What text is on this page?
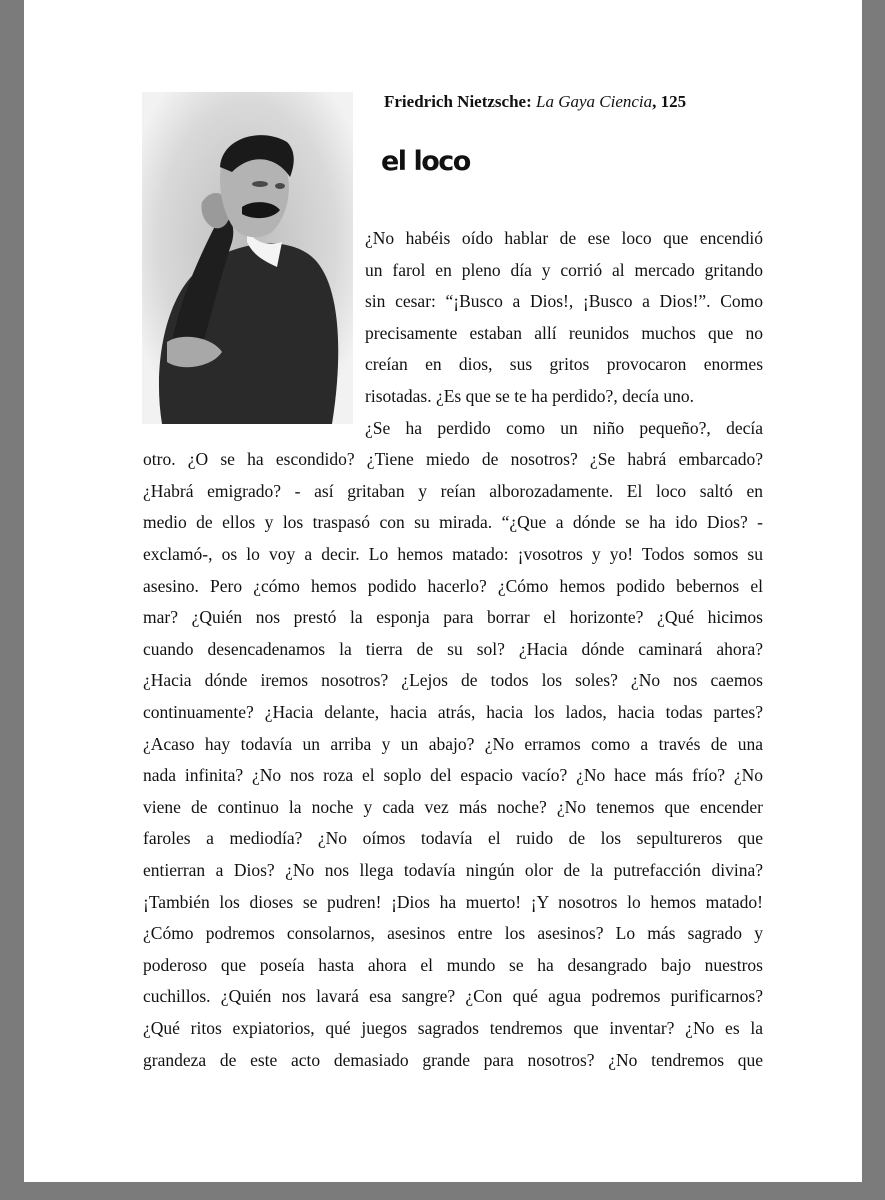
Friedrich Nietzsche: La Gaya Ciencia, 125
el loco
¿No habéis oído hablar de ese loco que encendió
un farol en pleno día y corrió al mercado gritando
sin cesar: “¡Busco a Dios!, ¡Busco a Dios!”. Como
precisamente estaban allí reunidos muchos que no
creían en dios, sus gritos provocaron enormes
risotadas. ¿Es que se te ha perdido?, decía uno.
¿Se ha perdido como un niño pequeño?, decía
otro. ¿O se ha escondido? ¿Tiene miedo de nosotros? ¿Se habrá embarcado?
¿Habrá emigrado? - así gritaban y reían alborozadamente. El loco saltó en
medio de ellos y los traspasó con su mirada. “¿Que a dónde se ha ido Dios? -
exclamó-, os lo voy a decir. Lo hemos matado: ¡vosotros y yo! Todos somos su
asesino. Pero ¿cómo hemos podido hacerlo? ¿Cómo hemos podido bebernos el
mar? ¿Quién nos prestó la esponja para borrar el horizonte? ¿Qué hicimos
cuando desencadenamos la tierra de su sol? ¿Hacia dónde caminará ahora?
¿Hacia dónde iremos nosotros? ¿Lejos de todos los soles? ¿No nos caemos
continuamente? ¿Hacia delante, hacia atrás, hacia los lados, hacia todas partes?
¿Acaso hay todavía un arriba y un abajo? ¿No erramos como a través de una
nada infinita? ¿No nos roza el soplo del espacio vacío? ¿No hace más frío? ¿No
viene de continuo la noche y cada vez más noche? ¿No tenemos que encender
faroles a mediodía? ¿No oímos todavía el ruido de los sepultureros que
entierran a Dios? ¿No nos llega todavía ningún olor de la putrefacción divina?
¡También los dioses se pudren! ¡Dios ha muerto! ¡Y nosotros lo hemos matado!
¿Cómo podremos consolarnos, asesinos entre los asesinos? Lo más sagrado y
poderoso que poseía hasta ahora el mundo se ha desangrado bajo nuestros
cuchillos. ¿Quién nos lavará esa sangre? ¿Con qué agua podremos purificarnos?
¿Qué ritos expiatorios, qué juegos sagrados tendremos que inventar? ¿No es la
grandeza de este acto demasiado grande para nosotros? ¿No tendremos que
